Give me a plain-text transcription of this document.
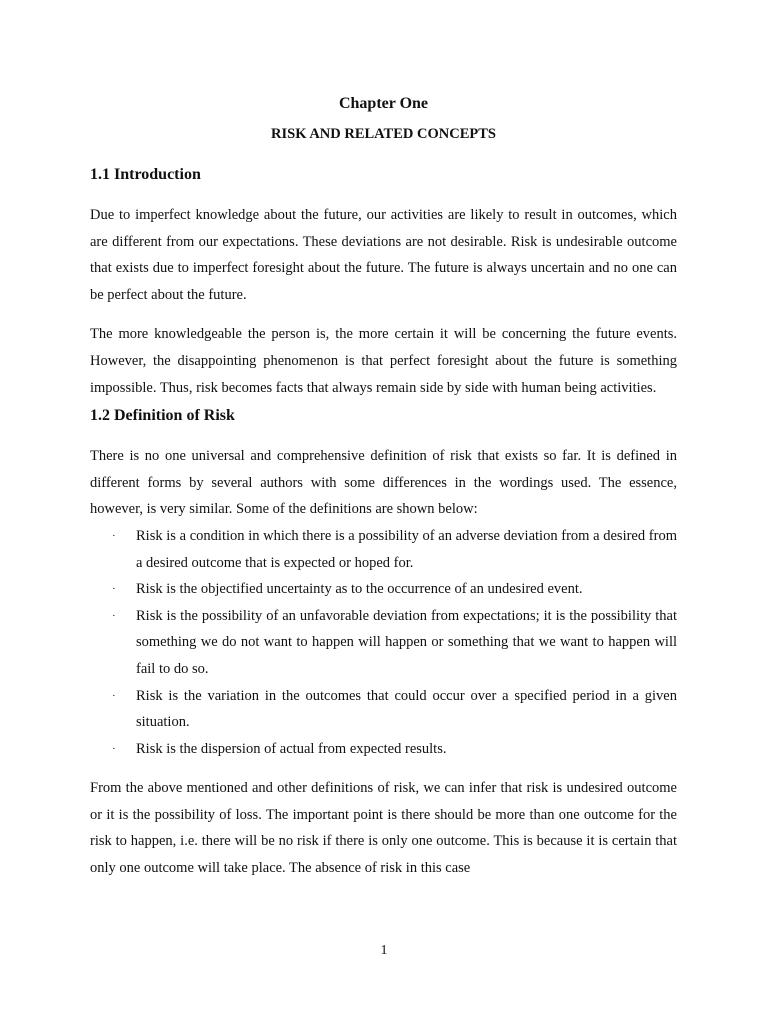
Chapter One
RISK AND RELATED CONCEPTS
1.1 Introduction

Due to imperfect knowledge about the future, our activities are likely to result in outcomes, which are different from our expectations. These deviations are not desirable. Risk is undesirable outcome that exists due to imperfect foresight about the future. The future is always uncertain and no one can be perfect about the future.

The more knowledgeable the person is, the more certain it will be concerning the future events. However, the disappointing phenomenon is that perfect foresight about the future is something impossible. Thus, risk becomes facts that always remain side by side with human being activities.

1.2 Definition of Risk

There is no one universal and comprehensive definition of risk that exists so far. It is defined in different forms by several authors with some differences in the wordings used. The essence, however, is very similar. Some of the definitions are shown below:

· Risk is a condition in which there is a possibility of an adverse deviation from a desired from a desired outcome that is expected or hoped for.
· Risk is the objectified uncertainty as to the occurrence of an undesired event.
· Risk is the possibility of an unfavorable deviation from expectations; it is the possibility that something we do not want to happen will happen or something that we want to happen will fail to do so.
· Risk is the variation in the outcomes that could occur over a specified period in a given situation.
· Risk is the dispersion of actual from expected results.

From the above mentioned and other definitions of risk, we can infer that risk is undesired outcome or it is the possibility of loss. The important point is there should be more than one outcome for the risk to happen, i.e. there will be no risk if there is only one outcome. This is because it is certain that only one outcome will take place. The absence of risk in this case

1
